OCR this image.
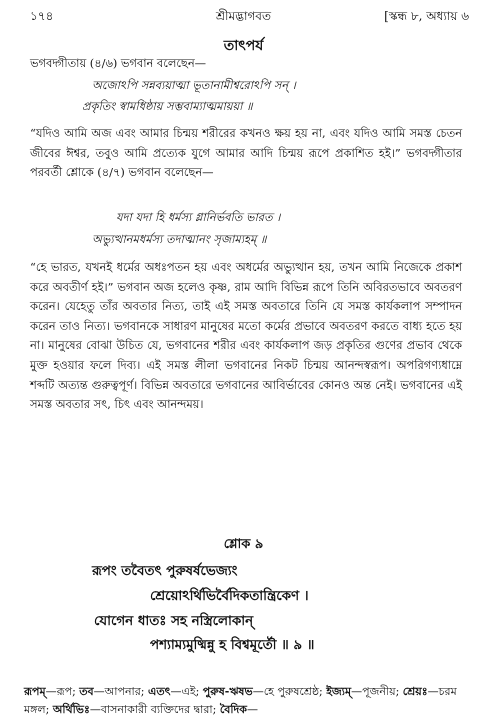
শ্রীমদ্ভাগবত
১৭৪	[স্কন্ধ ৮, অধ্যায় ৬
তাৎপর্য
ভগবদ্গীতায় (৪/৬) ভগবান বলেছেন—
অজোঽপি সন্নব্যয়াত্মা ভূতানামীশ্বরোঽপি সন্‌ ।
প্রকৃতিং স্বামধিষ্ঠায় সম্ভবাম্যাত্মমায়য়া ॥
“যদিও আমি অজ এবং আমার চিন্ময় শরীরের কখনও ক্ষয় হয় না, এবং যদিও আমি সমস্ত চেতন জীবের ঈশ্বর, তবুও আমি প্রত্যেক যুগে আমার আদি চিন্ময় রূপে প্রকাশিত হই।” ভগবদ্গীতার পরবর্তী শ্লোকে (৪/৭) ভগবান বলেছেন—
যদা যদা হি ধর্মস্য গ্লানির্ভবতি ভারত ।
অভ্যুত্থানমধর্মস্য তদাত্মানং সৃজাম্যহম্‌ ॥
“হে ভারত, যখনই ধর্মের অধঃপতন হয় এবং অধর্মের অভ্যুত্থান হয়, তখন আমি নিজেকে প্রকাশ করে অবতীর্ণ হই।” ভগবান অজ হলেও কৃষ্ণ, রাম আদি বিভিন্ন রূপে তিনি অবিরতভাবে অবতরণ করেন। যেহেতু তাঁর অবতার নিত্য, তাই এই সমস্ত অবতারে তিনি যে সমস্ত কার্যকলাপ সম্পাদন করেন তাও নিত্য। ভগবানকে সাধারণ মানুষের মতো কর্মের প্রভাবে অবতরণ করতে বাধ্য হতে হয় না। মানুষের বোঝা উচিত যে, ভগবানের শরীর এবং কার্যকলাপ জড় প্রকৃতির গুণের প্রভাব থেকে মুক্ত হওয়ার ফলে দিব্য। এই সমস্ত লীলা ভগবানের নিকট চিন্ময় আনন্দস্বরূপ। অপরিগণ্যধাম্নে শব্দটি অত্যন্ত গুরুত্বপূর্ণ। বিভিন্ন অবতারে ভগবানের আবির্ভাবের কোনও অন্ত নেই। ভগবানের এই সমস্ত অবতার সৎ, চিৎ এবং আনন্দময়।
শ্লোক ৯
রূপং তবৈতৎ পুরুষর্ষভেজ্যং
শ্রেয়োঽর্থিভির্বৈদিকতান্ত্রিকেণ ।
যোগেন ধাতঃ সহ নস্ত্রিলোকান্‌
পশ্যাম্যমুষ্মিন্নু হ বিশ্বমূর্তৌ ॥ ৯ ॥
রূপম্‌—রূপ; তব—আপনার; এতৎ—এই; পুরুষ-ঋষভ—হে পুরুষশ্রেষ্ঠ; ইজ্যম্‌—পূজনীয়; শ্রেয়ঃ—চরম মঙ্গল; অর্থিভিঃ—বাসনাকারী ব্যক্তিদের দ্বারা; বৈদিক—
